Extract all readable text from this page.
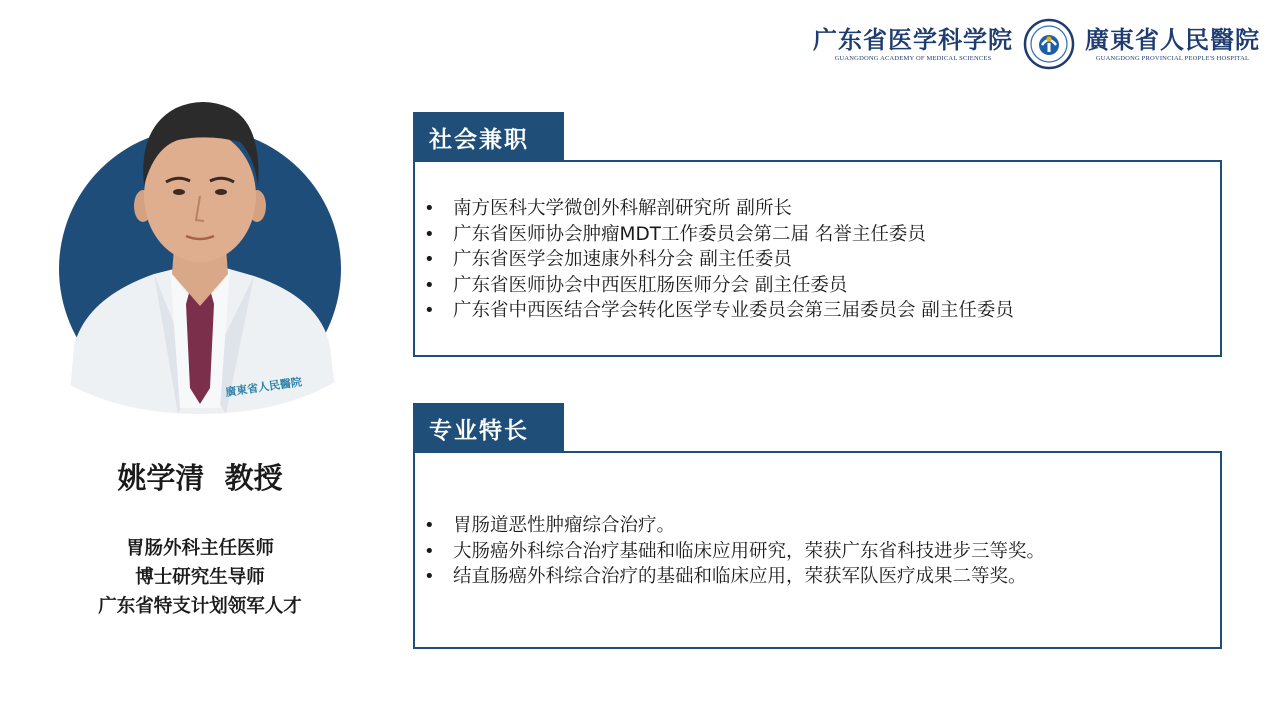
广东省医学科学院
GUANGDONG ACADEMY OF MEDICAL SCIENCES
廣東省人民醫院
GUANGDONG PROVINCIAL PEOPLE'S HOSPITAL
廣東省人民醫院
姚学清  教授
胃肠外科主任医师
博士研究生导师
广东省特支计划领军人才
• 南方医科大学微创外科解剖研究所 副所长
• 广东省医师协会肿瘤MDT工作委员会第二届 名誉主任委员
• 广东省医学会加速康外科分会 副主任委员
• 广东省医师协会中西医肛肠医师分会 副主任委员
• 广东省中西医结合学会转化医学专业委员会第三届委员会 副主任委员
社会兼职
• 胃肠道恶性肿瘤综合治疗。
• 大肠癌外科综合治疗基础和临床应用研究，荣获广东省科技进步三等奖。
• 结直肠癌外科综合治疗的基础和临床应用，荣获军队医疗成果二等奖。
专业特长
